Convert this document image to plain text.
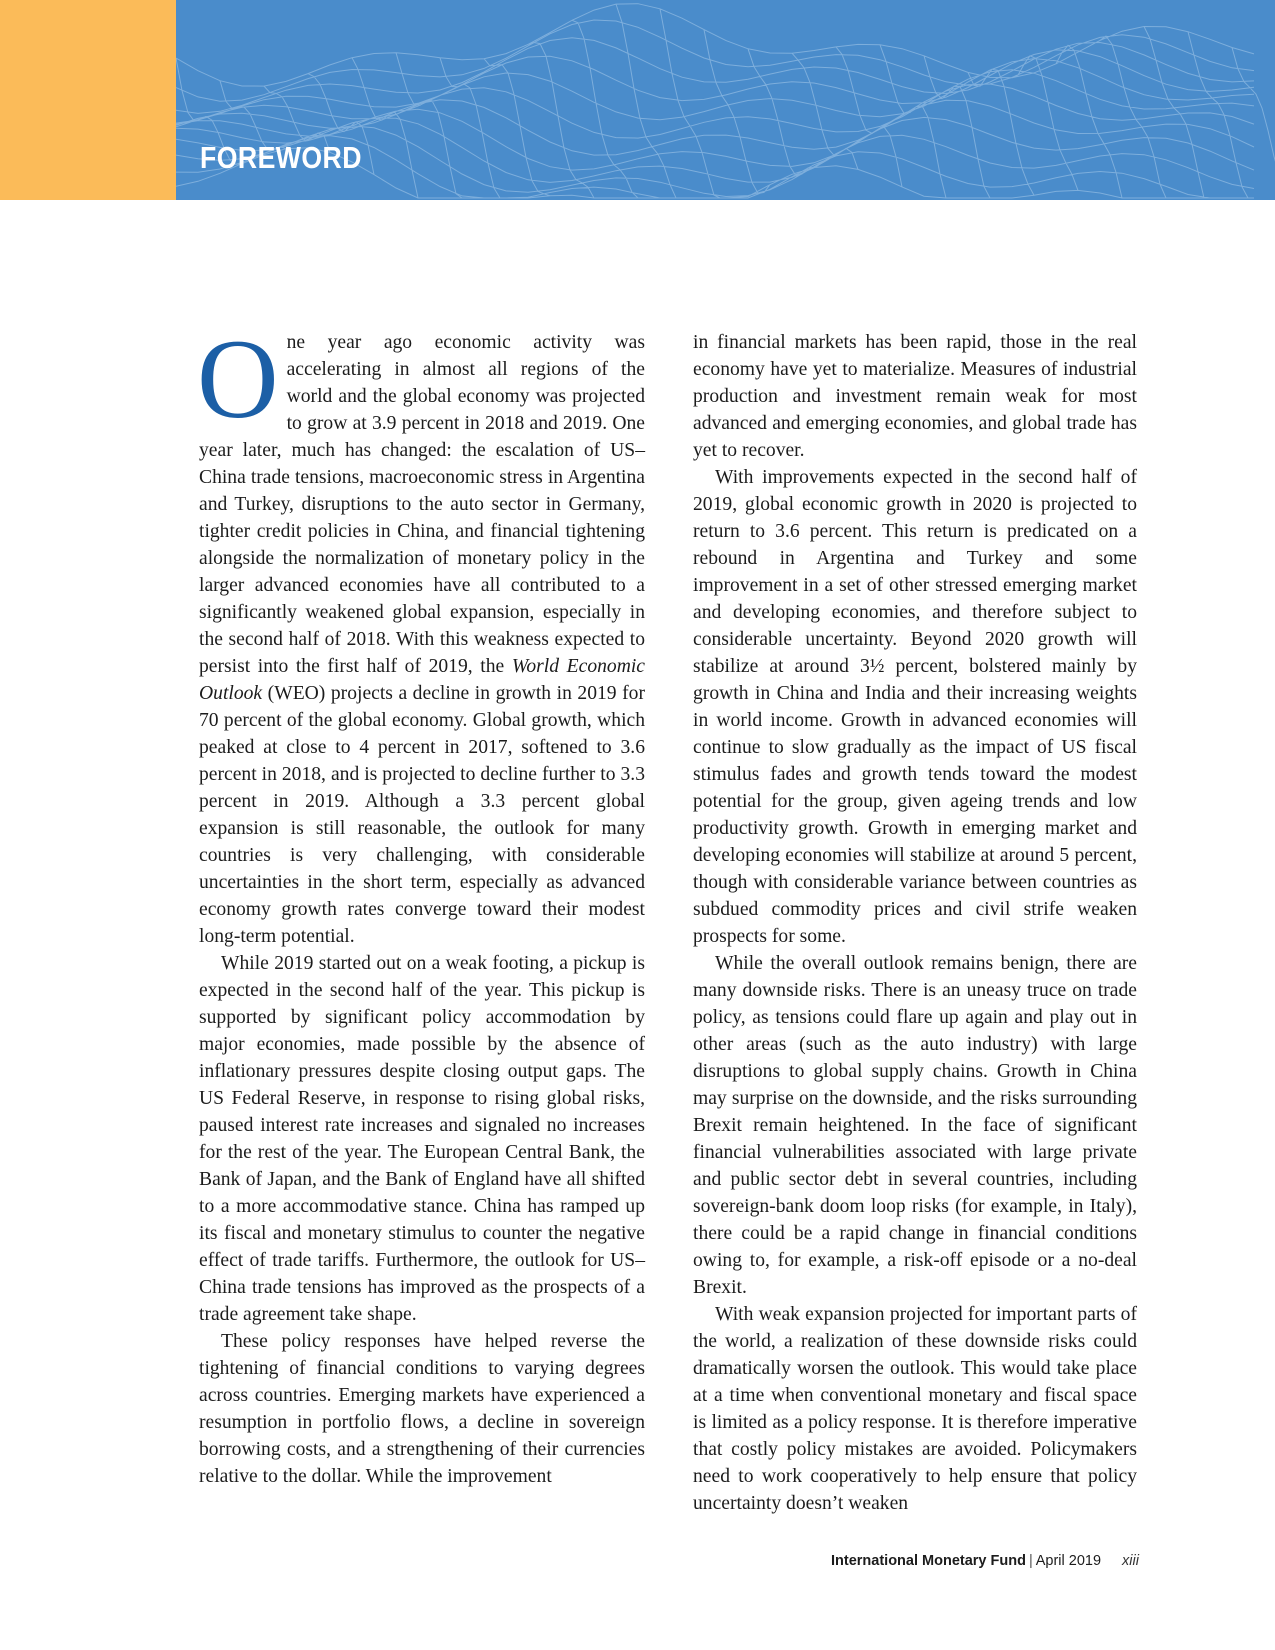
FOREWORD

One year ago economic activity was accelerating in almost all regions of the world and the global economy was projected to grow at 3.9 percent in 2018 and 2019. One year later, much has changed: the escalation of US–China trade tensions, macroeconomic stress in Argentina and Turkey, disruptions to the auto sector in Germany, tighter credit policies in China, and financial tightening alongside the normalization of monetary policy in the larger advanced economies have all contributed to a significantly weakened global expansion, especially in the second half of 2018. With this weakness expected to persist into the first half of 2019, the World Economic Outlook (WEO) projects a decline in growth in 2019 for 70 percent of the global economy. Global growth, which peaked at close to 4 percent in 2017, softened to 3.6 percent in 2018, and is projected to decline further to 3.3 percent in 2019. Although a 3.3 percent global expansion is still reasonable, the outlook for many countries is very challenging, with considerable uncertainties in the short term, especially as advanced economy growth rates converge toward their modest long-term potential.

While 2019 started out on a weak footing, a pickup is expected in the second half of the year. This pickup is supported by significant policy accommodation by major economies, made possible by the absence of inflationary pressures despite closing output gaps. The US Federal Reserve, in response to rising global risks, paused interest rate increases and signaled no increases for the rest of the year. The European Central Bank, the Bank of Japan, and the Bank of England have all shifted to a more accommodative stance. China has ramped up its fiscal and monetary stimulus to counter the negative effect of trade tariffs. Furthermore, the outlook for US–China trade tensions has improved as the prospects of a trade agreement take shape.

These policy responses have helped reverse the tightening of financial conditions to varying degrees across countries. Emerging markets have experienced a resumption in portfolio flows, a decline in sovereign borrowing costs, and a strengthening of their currencies relative to the dollar. While the improvement

in financial markets has been rapid, those in the real economy have yet to materialize. Measures of industrial production and investment remain weak for most advanced and emerging economies, and global trade has yet to recover.

With improvements expected in the second half of 2019, global economic growth in 2020 is projected to return to 3.6 percent. This return is predicated on a rebound in Argentina and Turkey and some improvement in a set of other stressed emerging market and developing economies, and therefore subject to considerable uncertainty. Beyond 2020 growth will stabilize at around 3½ percent, bolstered mainly by growth in China and India and their increasing weights in world income. Growth in advanced economies will continue to slow gradually as the impact of US fiscal stimulus fades and growth tends toward the modest potential for the group, given ageing trends and low productivity growth. Growth in emerging market and developing economies will stabilize at around 5 percent, though with considerable variance between countries as subdued commodity prices and civil strife weaken prospects for some.

While the overall outlook remains benign, there are many downside risks. There is an uneasy truce on trade policy, as tensions could flare up again and play out in other areas (such as the auto industry) with large disruptions to global supply chains. Growth in China may surprise on the downside, and the risks surrounding Brexit remain heightened. In the face of significant financial vulnerabilities associated with large private and public sector debt in several countries, including sovereign-bank doom loop risks (for example, in Italy), there could be a rapid change in financial conditions owing to, for example, a risk-off episode or a no-deal Brexit.

With weak expansion projected for important parts of the world, a realization of these downside risks could dramatically worsen the outlook. This would take place at a time when conventional monetary and fiscal space is limited as a policy response. It is therefore imperative that costly policy mistakes are avoided. Policymakers need to work cooperatively to help ensure that policy uncertainty doesn’t weaken

International Monetary Fund | April 2019 xiii
